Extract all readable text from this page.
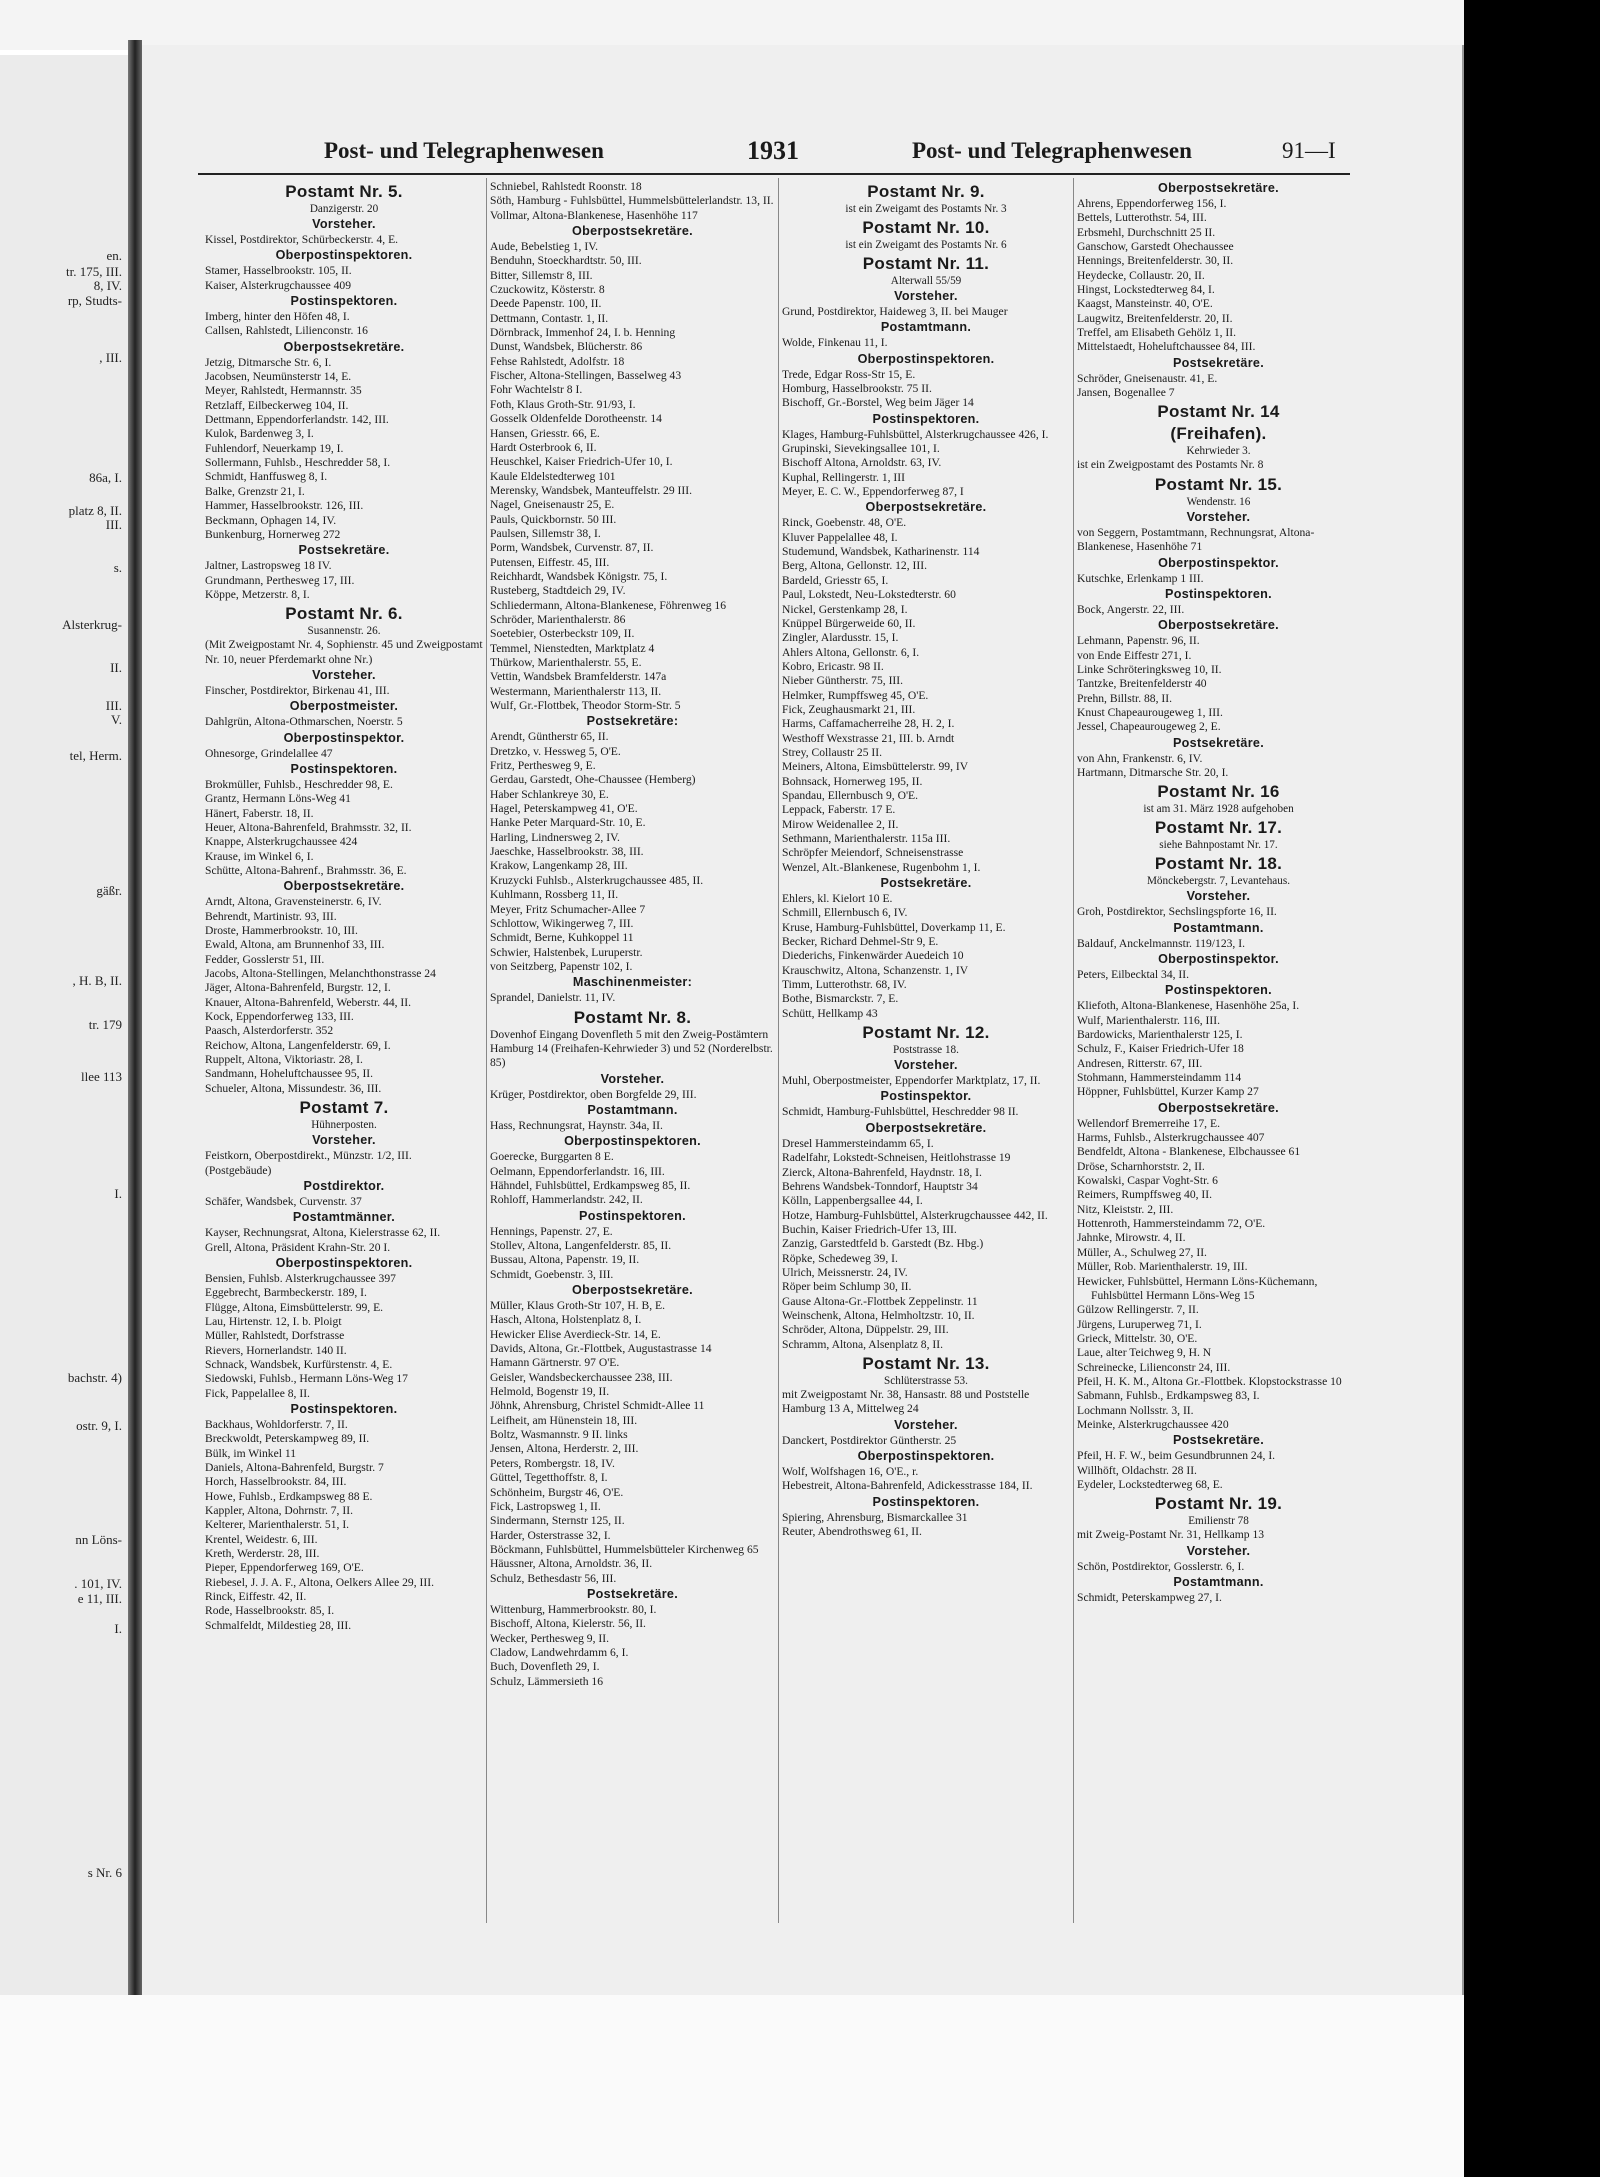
en.
tr. 175, III.
8, IV.
rp, Studts-
, III.
86a, I.
platz 8, II.
III.
s.
Alsterkrug-
II.
III.
V.
tel, Herm.
gäßr.
, H. B, II.
tr. 179
llee 113
I.
bachstr. 4)
ostr. 9, I.
nn Löns-
. 101, IV.
e 11, III.
I.
s Nr. 6
Post- und Telegraphenwesen	1931	Post- und Telegraphenwesen	91—I
Postamt Nr. 5.
Danzigerstr. 20
Vorsteher.
Kissel, Postdirektor, Schürbeckerstr. 4, E.
Oberpostinspektoren.
Stamer, Hasselbrookstr. 105, II.
Kaiser, Alsterkrugchaussee 409
Postinspektoren.
Imberg, hinter den Höfen 48, I.
Callsen, Rahlstedt, Lilienconstr. 16
Oberpostsekretäre.
Jetzig, Ditmarsche Str. 6, I.
Jacobsen, Neumünsterstr 14, E.
Meyer, Rahlstedt, Hermannstr. 35
Retzlaff, Eilbeckerweg 104, II.
Dettmann, Eppendorferlandstr. 142, III.
Kulok, Bardenweg 3, I.
Fuhlendorf, Neuerkamp 19, I.
Sollermann, Fuhlsb., Heschredder 58, I.
Schmidt, Hanffusweg 8, I.
Balke, Grenzstr 21, I.
Hammer, Hasselbrookstr. 126, III.
Beckmann, Ophagen 14, IV.
Bunkenburg, Hornerweg 272
Postsekretäre.
Jaltner, Lastropsweg 18 IV.
Grundmann, Perthesweg 17, III.
Köppe, Metzerstr. 8, I.
Postamt Nr. 6.
Susannenstr. 26.
(Mit Zweigpostamt Nr. 4, Sophienstr. 45 und Zweigpostamt Nr. 10, neuer Pferdemarkt ohne Nr.)
Vorsteher.
Finscher, Postdirektor, Birkenau 41, III.
Oberpostmeister.
Dahlgrün, Altona-Othmarschen, Noerstr. 5
Oberpostinspektor.
Ohnesorge, Grindelallee 47
Postinspektoren.
Brokmüller, Fuhlsb., Heschredder 98, E.
Grantz, Hermann Löns-Weg 41
Hänert, Faberstr. 18, II.
Heuer, Altona-Bahrenfeld, Brahmsstr. 32, II.
Knappe, Alsterkrugchaussee 424
Krause, im Winkel 6, I.
Schütte, Altona-Bahrenf., Brahmsstr. 36, E.
Oberpostsekretäre.
Arndt, Altona, Gravensteinerstr. 6, IV.
Behrendt, Martinistr. 93, III.
Droste, Hammerbrookstr. 10, III.
Ewald, Altona, am Brunnenhof 33, III.
Fedder, Gosslerstr 51, III.
Jacobs, Altona-Stellingen, Melanchthonstrasse 24
Jäger, Altona-Bahrenfeld, Burgstr. 12, I.
Knauer, Altona-Bahrenfeld, Weberstr. 44, II.
Kock, Eppendorferweg 133, III.
Paasch, Alsterdorferstr. 352
Reichow, Altona, Langenfelderstr. 69, I.
Ruppelt, Altona, Viktoriastr. 28, I.
Sandmann, Hoheluftchaussee 95, II.
Schueler, Altona, Missundestr. 36, III.
Postamt 7.
Hühnerposten.
Vorsteher.
Feistkorn, Oberpostdirekt., Münzstr. 1/2, III.
(Postgebäude)
Postdirektor.
Schäfer, Wandsbek, Curvenstr. 37
Postamtmänner.
Kayser, Rechnungsrat, Altona, Kielerstrasse 62, II.
Grell, Altona, Präsident Krahn-Str. 20 I.
Oberpostinspektoren.
Bensien, Fuhlsb. Alsterkrugchaussee 397
Eggebrecht, Barmbeckerstr. 189, I.
Flügge, Altona, Eimsbüttelerstr. 99, E.
Lau, Hirtenstr. 12, I. b. Ploigt
Müller, Rahlstedt, Dorfstrasse
Rievers, Hornerlandstr. 140 II.
Schnack, Wandsbek, Kurfürstenstr. 4, E.
Siedowski, Fuhlsb., Hermann Löns-Weg 17
Fick, Pappelallee 8, II.
Postinspektoren.
Backhaus, Wohldorferstr. 7, II.
Breckwoldt, Peterskampweg 89, II.
Bülk, im Winkel 11
Daniels, Altona-Bahrenfeld, Burgstr. 7
Horch, Hasselbrookstr. 84, III.
Howe, Fuhlsb., Erdkampsweg 88 E.
Kappler, Altona, Dohrnstr. 7, II.
Kelterer, Marienthalerstr. 51, I.
Krentel, Weidestr. 6, III.
Kreth, Werderstr. 28, III.
Pieper, Eppendorferweg 169, O'E.
Riebesel, J. J. A. F., Altona, Oelkers Allee 29, III.
Rinck, Eiffestr. 42, II.
Rode, Hasselbrookstr. 85, I.
Schmalfeldt, Mildestieg 28, III.
Schniebel, Rahlstedt Roonstr. 18
Söth, Hamburg - Fuhlsbüttel, Hummelsbüttelerlandstr. 13, II.
Vollmar, Altona-Blankenese, Hasenhöhe 117
Oberpostsekretäre.
Aude, Bebelstieg 1, IV.
Benduhn, Stoeckhardtstr. 50, III.
Bitter, Sillemstr 8, III.
Czuckowitz, Kösterstr. 8
Deede Papenstr. 100, II.
Dettmann, Contastr. 1, II.
Dörnbrack, Immenhof 24, I. b. Henning
Dunst, Wandsbek, Blücherstr. 86
Fehse Rahlstedt, Adolfstr. 18
Fischer, Altona-Stellingen, Basselweg 43
Fohr Wachtelstr 8 I.
Foth, Klaus Groth-Str. 91/93, I.
Gosselk Oldenfelde Dorotheenstr. 14
Hansen, Griesstr. 66, E.
Hardt Osterbrook 6, II.
Heuschkel, Kaiser Friedrich-Ufer 10, I.
Kaule Eldelstedterweg 101
Merensky, Wandsbek, Manteuffelstr. 29 III.
Nagel, Gneisenaustr 25, E.
Pauls, Quickbornstr. 50 III.
Paulsen, Sillemstr 38, I.
Porm, Wandsbek, Curvenstr. 87, II.
Putensen, Eiffestr. 45, III.
Reichhardt, Wandsbek Königstr. 75, I.
Rusteberg, Stadtdeich 29, IV.
Schliedermann, Altona-Blankenese, Föhrenweg 16
Schröder, Marienthalerstr. 86
Soetebier, Osterbeckstr 109, II.
Temmel, Nienstedten, Marktplatz 4
Thürkow, Marienthalerstr. 55, E.
Vettin, Wandsbek Bramfelderstr. 147a
Westermann, Marienthalerstr 113, II.
Wulf, Gr.-Flottbek, Theodor Storm-Str. 5
Postsekretäre:
Arendt, Güntherstr 65, II.
Dretzko, v. Hessweg 5, O'E.
Fritz, Perthesweg 9, E.
Gerdau, Garstedt, Ohe-Chaussee (Hemberg)
Haber Schlankreye 30, E.
Hagel, Peterskampweg 41, O'E.
Hanke Peter Marquard-Str. 10, E.
Harling, Lindnersweg 2, IV.
Jaeschke, Hasselbrookstr. 38, III.
Krakow, Langenkamp 28, III.
Kruzycki Fuhlsb., Alsterkrugchaussee 485, II.
Kuhlmann, Rossberg 11, II.
Meyer, Fritz Schumacher-Allee 7
Schlottow, Wikingerweg 7, III.
Schmidt, Berne, Kuhkoppel 11
Schwier, Halstenbek, Luruperstr.
von Seitzberg, Papenstr 102, I.
Maschinenmeister:
Sprandel, Danielstr. 11, IV.
Postamt Nr. 8.
Dovenhof Eingang Dovenfleth 5 mit den Zweig-Postämtern Hamburg 14 (Freihafen-Kehrwieder 3) und 52 (Norderelbstr. 85)
Vorsteher.
Krüger, Postdirektor, oben Borgfelde 29, III.
Postamtmann.
Hass, Rechnungsrat, Haynstr. 34a, II.
Oberpostinspektoren.
Goerecke, Burggarten 8 E.
Oelmann, Eppendorferlandstr. 16, III.
Hähndel, Fuhlsbüttel, Erdkampsweg 85, II.
Rohloff, Hammerlandstr. 242, II.
Postinspektoren.
Hennings, Papenstr. 27, E.
Stollev, Altona, Langenfelderstr. 85, II.
Bussau, Altona, Papenstr. 19, II.
Schmidt, Goebenstr. 3, III.
Oberpostsekretäre.
Müller, Klaus Groth-Str 107, H. B, E.
Hasch, Altona, Holstenplatz 8, I.
Hewicker Elise Averdieck-Str. 14, E.
Davids, Altona, Gr.-Flottbek, Augustastrasse 14
Hamann Gärtnerstr. 97 O'E.
Geisler, Wandsbeckerchaussee 238, III.
Helmold, Bogenstr 19, II.
Jöhnk, Ahrensburg, Christel Schmidt-Allee 11
Leifheit, am Hünenstein 18, III.
Boltz, Wasmannstr. 9 II. links
Jensen, Altona, Herderstr. 2, III.
Peters, Rombergstr. 18, IV.
Güttel, Tegetthoffstr. 8, I.
Schönheim, Burgstr 46, O'E.
Fick, Lastropsweg 1, II.
Sindermann, Sternstr 125, II.
Harder, Osterstrasse 32, I.
Böckmann, Fuhlsbüttel, Hummelsbütteler Kirchenweg 65
Häussner, Altona, Arnoldstr. 36, II.
Schulz, Bethesdastr 56, III.
Postsekretäre.
Wittenburg, Hammerbrookstr. 80, I.
Bischoff, Altona, Kielerstr. 56, II.
Wecker, Perthesweg 9, II.
Cladow, Landwehrdamm 6, I.
Buch, Dovenfleth 29, I.
Schulz, Lämmersieth 16
Postamt Nr. 9.
ist ein Zweigamt des Postamts Nr. 3
Postamt Nr. 10.
ist ein Zweigamt des Postamts Nr. 6
Postamt Nr. 11.
Alterwall 55/59
Vorsteher.
Grund, Postdirektor, Haideweg 3, II. bei Mauger
Postamtmann.
Wolde, Finkenau 11, I.
Oberpostinspektoren.
Trede, Edgar Ross-Str 15, E.
Homburg, Hasselbrookstr. 75 II.
Bischoff, Gr.-Borstel, Weg beim Jäger 14
Postinspektoren.
Klages, Hamburg-Fuhlsbüttel, Alsterkrugchaussee 426, I.
Grupinski, Sievekingsallee 101, I.
Bischoff Altona, Arnoldstr. 63, IV.
Kuphal, Rellingerstr. 1, III
Meyer, E. C. W., Eppendorferweg 87, I
Oberpostsekretäre.
Rinck, Goebenstr. 48, O'E.
Kluver Pappelallee 48, I.
Studemund, Wandsbek, Katharinenstr. 114
Berg, Altona, Gellonstr. 12, III.
Bardeld, Griesstr 65, I.
Paul, Lokstedt, Neu-Lokstedterstr. 60
Nickel, Gerstenkamp 28, I.
Knüppel Bürgerweide 60, II.
Zingler, Alardusstr. 15, I.
Ahlers Altona, Gellonstr. 6, I.
Kobro, Ericastr. 98 II.
Nieber Güntherstr. 75, III.
Helmker, Rumpffsweg 45, O'E.
Fick, Zeughausmarkt 21, III.
Harms, Caffamacherreihe 28, H. 2, I.
Westhoff Wexstrasse 21, III. b. Arndt
Strey, Collaustr 25 II.
Meiners, Altona, Eimsbüttelerstr. 99, IV
Bohnsack, Hornerweg 195, II.
Spandau, Ellernbusch 9, O'E.
Leppack, Faberstr. 17 E.
Mirow Weidenallee 2, II.
Sethmann, Marienthalerstr. 115a III.
Schröpfer Meiendorf, Schneisenstrasse
Wenzel, Alt.-Blankenese, Rugenbohm 1, I.
Postsekretäre.
Ehlers, kl. Kielort 10 E.
Schmill, Ellernbusch 6, IV.
Kruse, Hamburg-Fuhlsbüttel, Doverkamp 11, E.
Becker, Richard Dehmel-Str 9, E.
Diederichs, Finkenwärder Auedeich 10
Krauschwitz, Altona, Schanzenstr. 1, IV
Timm, Lutterothstr. 68, IV.
Bothe, Bismarckstr. 7, E.
Schütt, Hellkamp 43
Postamt Nr. 12.
Poststrasse 18.
Vorsteher.
Muhl, Oberpostmeister, Eppendorfer Marktplatz, 17, II.
Postinspektor.
Schmidt, Hamburg-Fuhlsbüttel, Heschredder 98 II.
Oberpostsekretäre.
Dresel Hammersteindamm 65, I.
Radelfahr, Lokstedt-Schneisen, Heitlohstrasse 19
Zierck, Altona-Bahrenfeld, Haydnstr. 18, I.
Behrens Wandsbek-Tonndorf, Hauptstr 34
Kölln, Lappenbergsallee 44, I.
Hotze, Hamburg-Fuhlsbüttel, Alsterkrugchaussee 442, II.
Buchin, Kaiser Friedrich-Ufer 13, III.
Zanzig, Garstedtfeld b. Garstedt (Bz. Hbg.)
Röpke, Schedeweg 39, I.
Ulrich, Meissnerstr. 24, IV.
Röper beim Schlump 30, II.
Gause Altona-Gr.-Flottbek Zeppelinstr. 11
Weinschenk, Altona, Helmholtzstr. 10, II.
Schröder, Altona, Düppelstr. 29, III.
Schramm, Altona, Alsenplatz 8, II.
Postamt Nr. 13.
Schlüterstrasse 53.
mit Zweigpostamt Nr. 38, Hansastr. 88 und Poststelle Hamburg 13 A, Mittelweg 24
Vorsteher.
Danckert, Postdirektor Güntherstr. 25
Oberpostinspektoren.
Wolf, Wolfshagen 16, O'E., r.
Hebestreit, Altona-Bahrenfeld, Adickesstrasse 184, II.
Postinspektoren.
Spiering, Ahrensburg, Bismarckallee 31
Reuter, Abendrothsweg 61, II.
Oberpostsekretäre.
Ahrens, Eppendorferweg 156, I.
Bettels, Lutterothstr. 54, III.
Erbsmehl, Durchschnitt 25 II.
Ganschow, Garstedt Ohechaussee
Hennings, Breitenfelderstr. 30, II.
Heydecke, Collaustr. 20, II.
Hingst, Lockstedterweg 84, I.
Kaagst, Mansteinstr. 40, O'E.
Laugwitz, Breitenfelderstr. 20, II.
Treffel, am Elisabeth Gehölz 1, II.
Mittelstaedt, Hoheluftchaussee 84, III.
Postsekretäre.
Schröder, Gneisenaustr. 41, E.
Jansen, Bogenallee 7
Postamt Nr. 14
(Freihafen).
Kehrwieder 3.
ist ein Zweigpostamt des Postamts Nr. 8
Postamt Nr. 15.
Wendenstr. 16
Vorsteher.
von Seggern, Postamtmann, Rechnungsrat, Altona-Blankenese, Hasenhöhe 71
Oberpostinspektor.
Kutschke, Erlenkamp 1 III.
Postinspektoren.
Bock, Angerstr. 22, III.
Oberpostsekretäre.
Lehmann, Papenstr. 96, II.
von Ende Eiffestr 271, I.
Linke Schröteringksweg 10, II.
Tantzke, Breitenfelderstr 40
Prehn, Billstr. 88, II.
Knust Chapeaurougeweg 1, III.
Jessel, Chapeaurougeweg 2, E.
Postsekretäre.
von Ahn, Frankenstr. 6, IV.
Hartmann, Ditmarsche Str. 20, I.
Postamt Nr. 16
ist am 31. März 1928 aufgehoben
Postamt Nr. 17.
siehe Bahnpostamt Nr. 17.
Postamt Nr. 18.
Mönckebergstr. 7, Levantehaus.
Vorsteher.
Groh, Postdirektor, Sechslingspforte 16, II.
Postamtmann.
Baldauf, Anckelmannstr. 119/123, I.
Oberpostinspektor.
Peters, Eilbecktal 34, II.
Postinspektoren.
Kliefoth, Altona-Blankenese, Hasenhöhe 25a, I.
Wulf, Marienthalerstr. 116, III.
Bardowicks, Marienthalerstr 125, I.
Schulz, F., Kaiser Friedrich-Ufer 18
Andresen, Ritterstr. 67, III.
Stohmann, Hammersteindamm 114
Höppner, Fuhlsbüttel, Kurzer Kamp 27
Oberpostsekretäre.
Wellendorf Bremerreihe 17, E.
Harms, Fuhlsb., Alsterkrugchaussee 407
Bendfeldt, Altona - Blankenese, Elbchaussee 61
Dröse, Scharnhorststr. 2, II.
Kowalski, Caspar Voght-Str. 6
Reimers, Rumpffsweg 40, II.
Nitz, Kleiststr. 2, III.
Hottenroth, Hammersteindamm 72, O'E.
Jahnke, Mirowstr. 4, II.
Müller, A., Schulweg 27, II.
Müller, Rob. Marienthalerstr. 19, III.
Hewicker, Fuhlsbüttel, Hermann Löns-Küchemann, Fuhlsbüttel Hermann Löns-Weg 15
Gülzow Rellingerstr. 7, II.
Jürgens, Luruperweg 71, I.
Grieck, Mittelstr. 30, O'E.
Laue, alter Teichweg 9, H. N
Schreinecke, Lilienconstr 24, III.
Pfeil, H. K. M., Altona Gr.-Flottbek. Klopstockstrasse 10
Sabmann, Fuhlsb., Erdkampsweg 83, I.
Lochmann Nollsstr. 3, II.
Meinke, Alsterkrugchaussee 420
Postsekretäre.
Pfeil, H. F. W., beim Gesundbrunnen 24, I.
Willhöft, Oldachstr. 28 II.
Eydeler, Lockstedterweg 68, E.
Postamt Nr. 19.
Emilienstr 78
mit Zweig-Postamt Nr. 31, Hellkamp 13
Vorsteher.
Schön, Postdirektor, Gosslerstr. 6, I.
Postamtmann.
Schmidt, Peterskampweg 27, I.
